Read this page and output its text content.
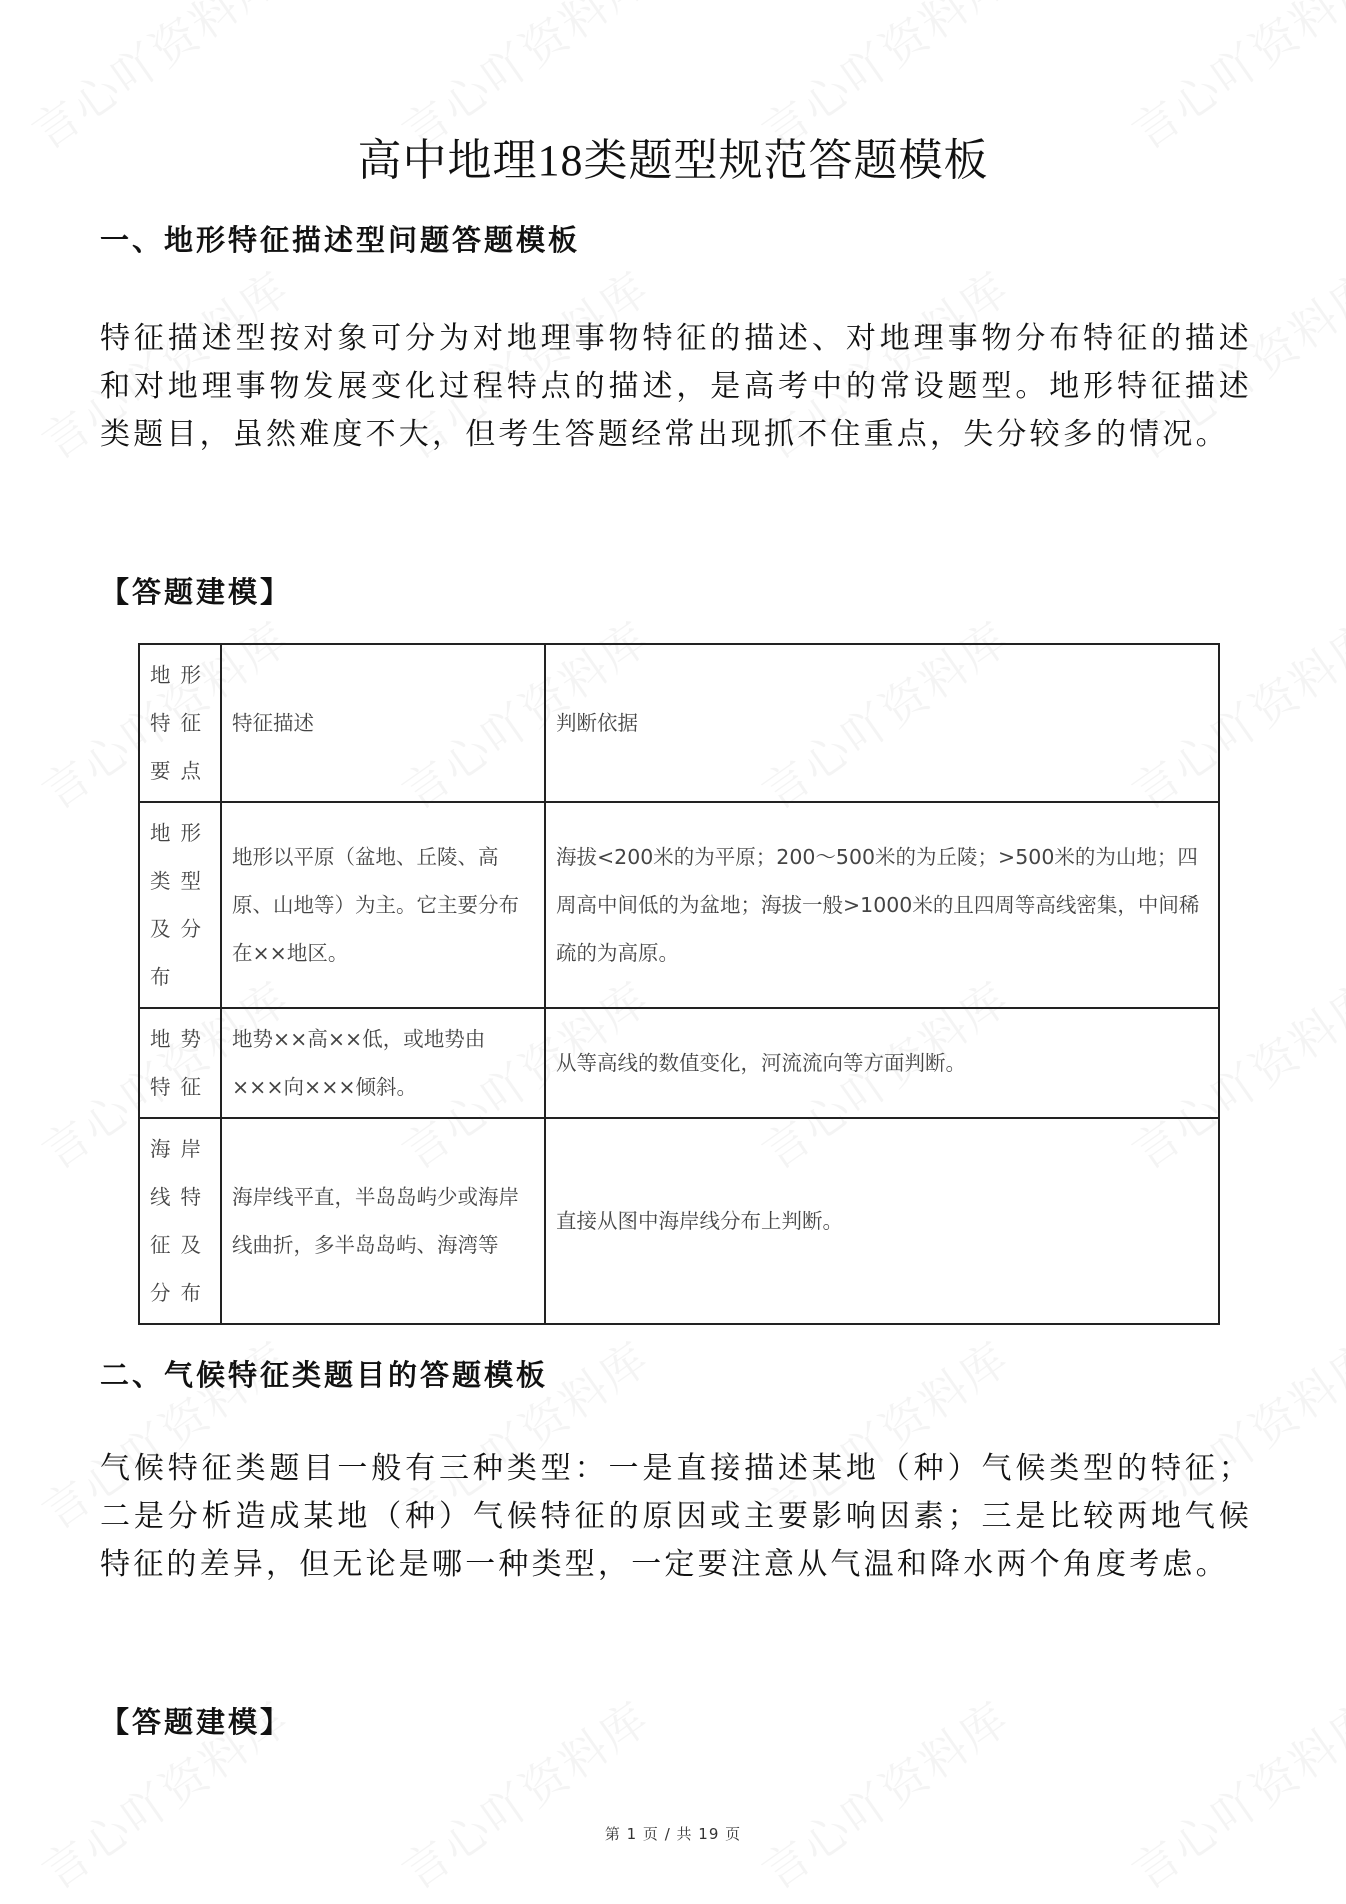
高中地理18类题型规范答题模板
一、地形特征描述型问题答题模板
特征描述型按对象可分为对地理事物特征的描述、对地理事物分布特征的描述和对地理事物发展变化过程特点的描述，是高考中的常设题型。地形特征描述类题目，虽然难度不大，但考生答题经常出现抓不住重点，失分较多的情况。
【答题建模】
地形特征要点	特征描述	判断依据
地形类型及分布	地形以平原（盆地、丘陵、高原、山地等）为主。它主要分布在××地区。	海拔<200米的为平原；200～500米的为丘陵；>500米的为山地；四周高中间低的为盆地；海拔一般>1000米的且四周等高线密集，中间稀疏的为高原。
地势特征	地势××高××低，或地势由×××向×××倾斜。	从等高线的数值变化，河流流向等方面判断。
海岸线特征及分布	海岸线平直，半岛岛屿少或海岸线曲折，多半岛岛屿、海湾等	直接从图中海岸线分布上判断。
二、气候特征类题目的答题模板
气候特征类题目一般有三种类型：一是直接描述某地（种）气候类型的特征；二是分析造成某地（种）气候特征的原因或主要影响因素；三是比较两地气候特征的差异，但无论是哪一种类型，一定要注意从气温和降水两个角度考虑。
【答题建模】
第 1 页 / 共 19 页
